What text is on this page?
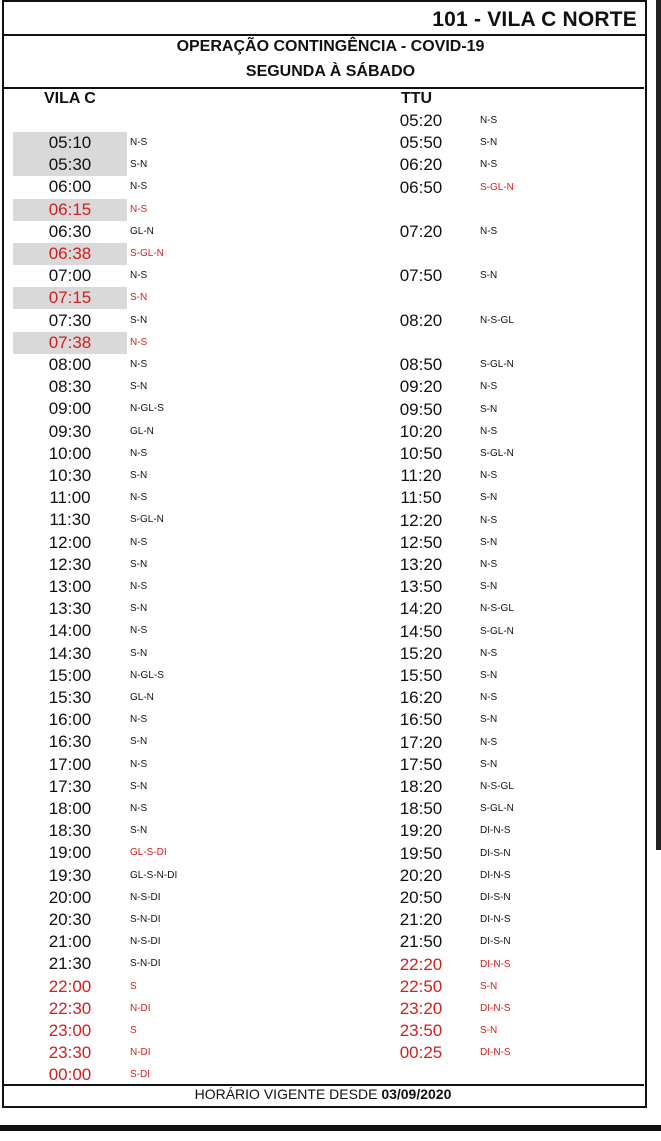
101 - VILA C NORTE
OPERAÇÃO CONTINGÊNCIA - COVID-19
SEGUNDA À SÁBADO
VILA C	TTU
05:10	N-S
05:30	S-N
06:00	N-S
06:15	N-S
06:30	GL-N
06:38	S-GL-N
07:00	N-S
07:15	S-N
07:30	S-N
07:38	N-S
08:00	N-S
08:30	S-N
09:00	N-GL-S
09:30	GL-N
10:00	N-S
10:30	S-N
11:00	N-S
11:30	S-GL-N
12:00	N-S
12:30	S-N
13:00	N-S
13:30	S-N
14:00	N-S
14:30	S-N
15:00	N-GL-S
15:30	GL-N
16:00	N-S
16:30	S-N
17:00	N-S
17:30	S-N
18:00	N-S
18:30	S-N
19:00	GL-S-DI
19:30	GL-S-N-DI
20:00	N-S-DI
20:30	S-N-DI
21:00	N-S-DI
21:30	S-N-DI
22:00	S
22:30	N-DI
23:00	S
23:30	N-DI
00:00	S-DI
05:20	N-S
05:50	S-N
06:20	N-S
06:50	S-GL-N
07:20	N-S
07:50	S-N
08:20	N-S-GL
08:50	S-GL-N
09:20	N-S
09:50	S-N
10:20	N-S
10:50	S-GL-N
11:20	N-S
11:50	S-N
12:20	N-S
12:50	S-N
13:20	N-S
13:50	S-N
14:20	N-S-GL
14:50	S-GL-N
15:20	N-S
15:50	S-N
16:20	N-S
16:50	S-N
17:20	N-S
17:50	S-N
18:20	N-S-GL
18:50	S-GL-N
19:20	DI-N-S
19:50	DI-S-N
20:20	DI-N-S
20:50	DI-S-N
21:20	DI-N-S
21:50	DI-S-N
22:20	DI-N-S
22:50	S-N
23:20	DI-N-S
23:50	S-N
00:25	DI-N-S
HORÁRIO VIGENTE DESDE 03/09/2020
